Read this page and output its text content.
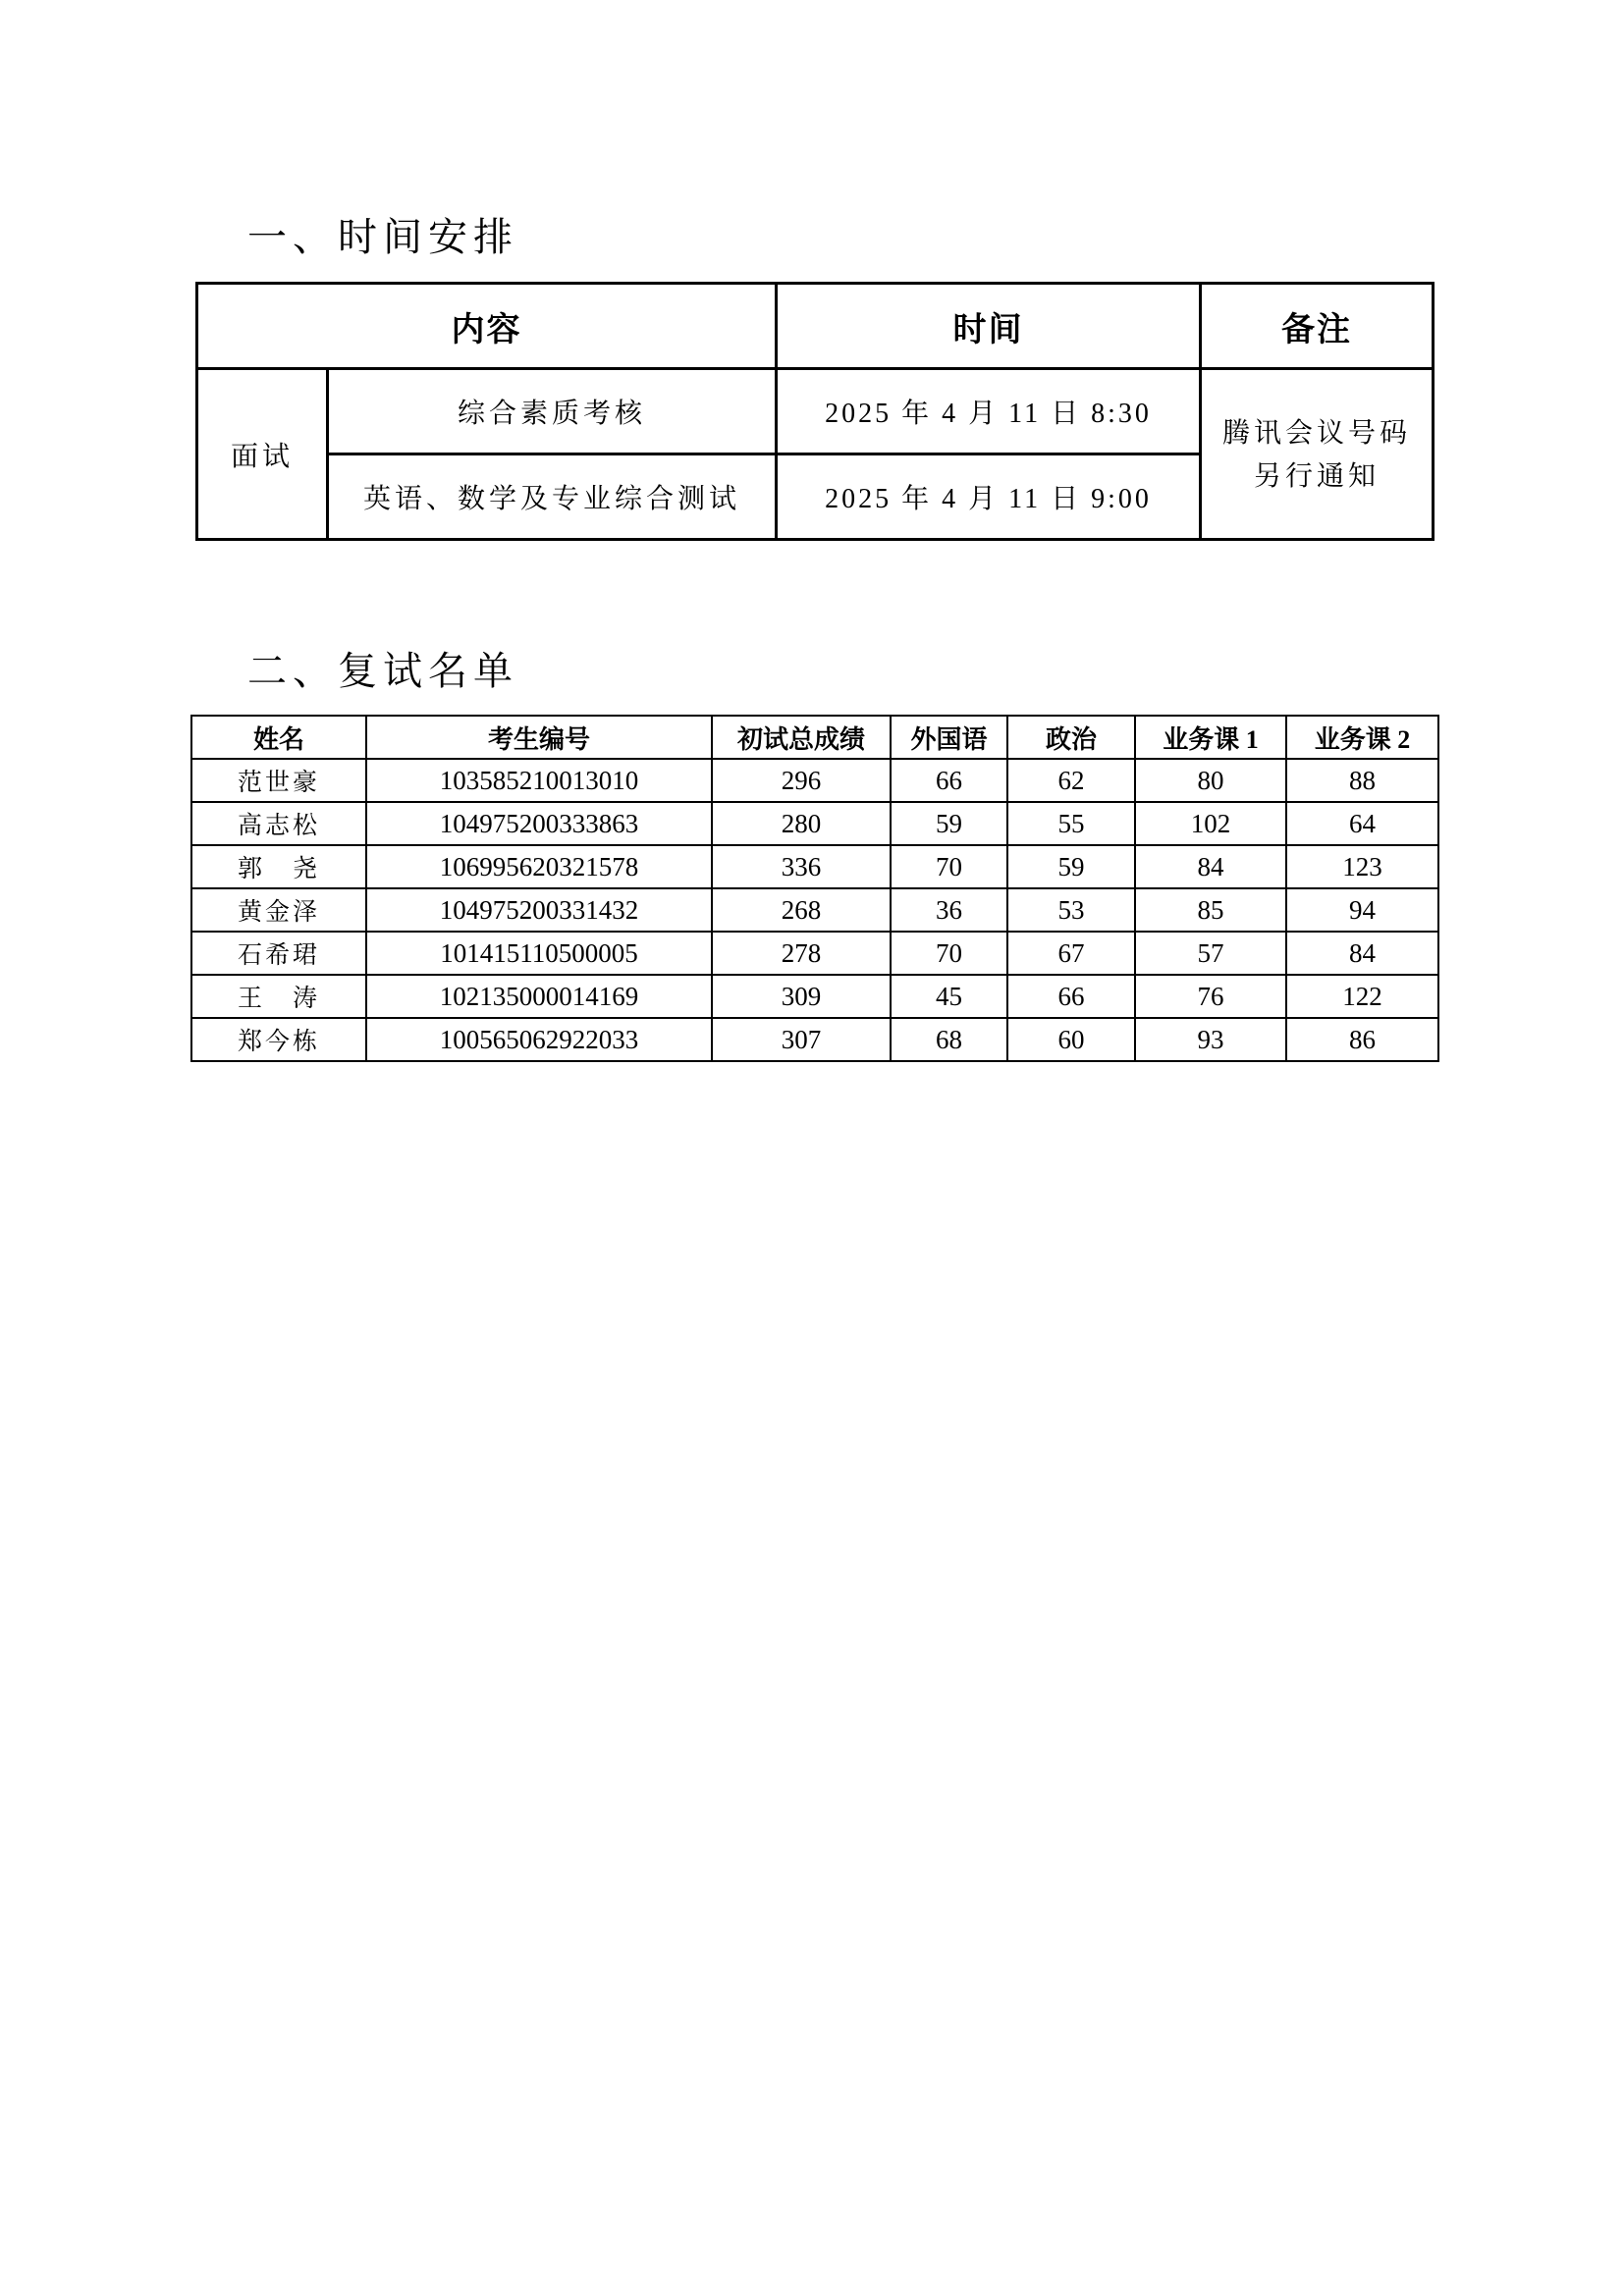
一、时间安排
内容		时间	备注
面试	综合素质考核	2025 年 4 月 11 日 8:30	腾讯会议号码
另行通知
	英语、数学及专业综合测试	2025 年 4 月 11 日 9:00	
二、复试名单
姓名	考生编号	初试总成绩	外国语	政治	业务课 1	业务课 2
范世豪	103585210013010	296	66	62	80	88
高志松	104975200333863	280	59	55	102	64
郭　尧	106995620321578	336	70	59	84	123
黄金泽	104975200331432	268	36	53	85	94
石希珺	101415110500005	278	70	67	57	84
王　涛	102135000014169	309	45	66	76	122
郑今栋	100565062922033	307	68	60	93	86
